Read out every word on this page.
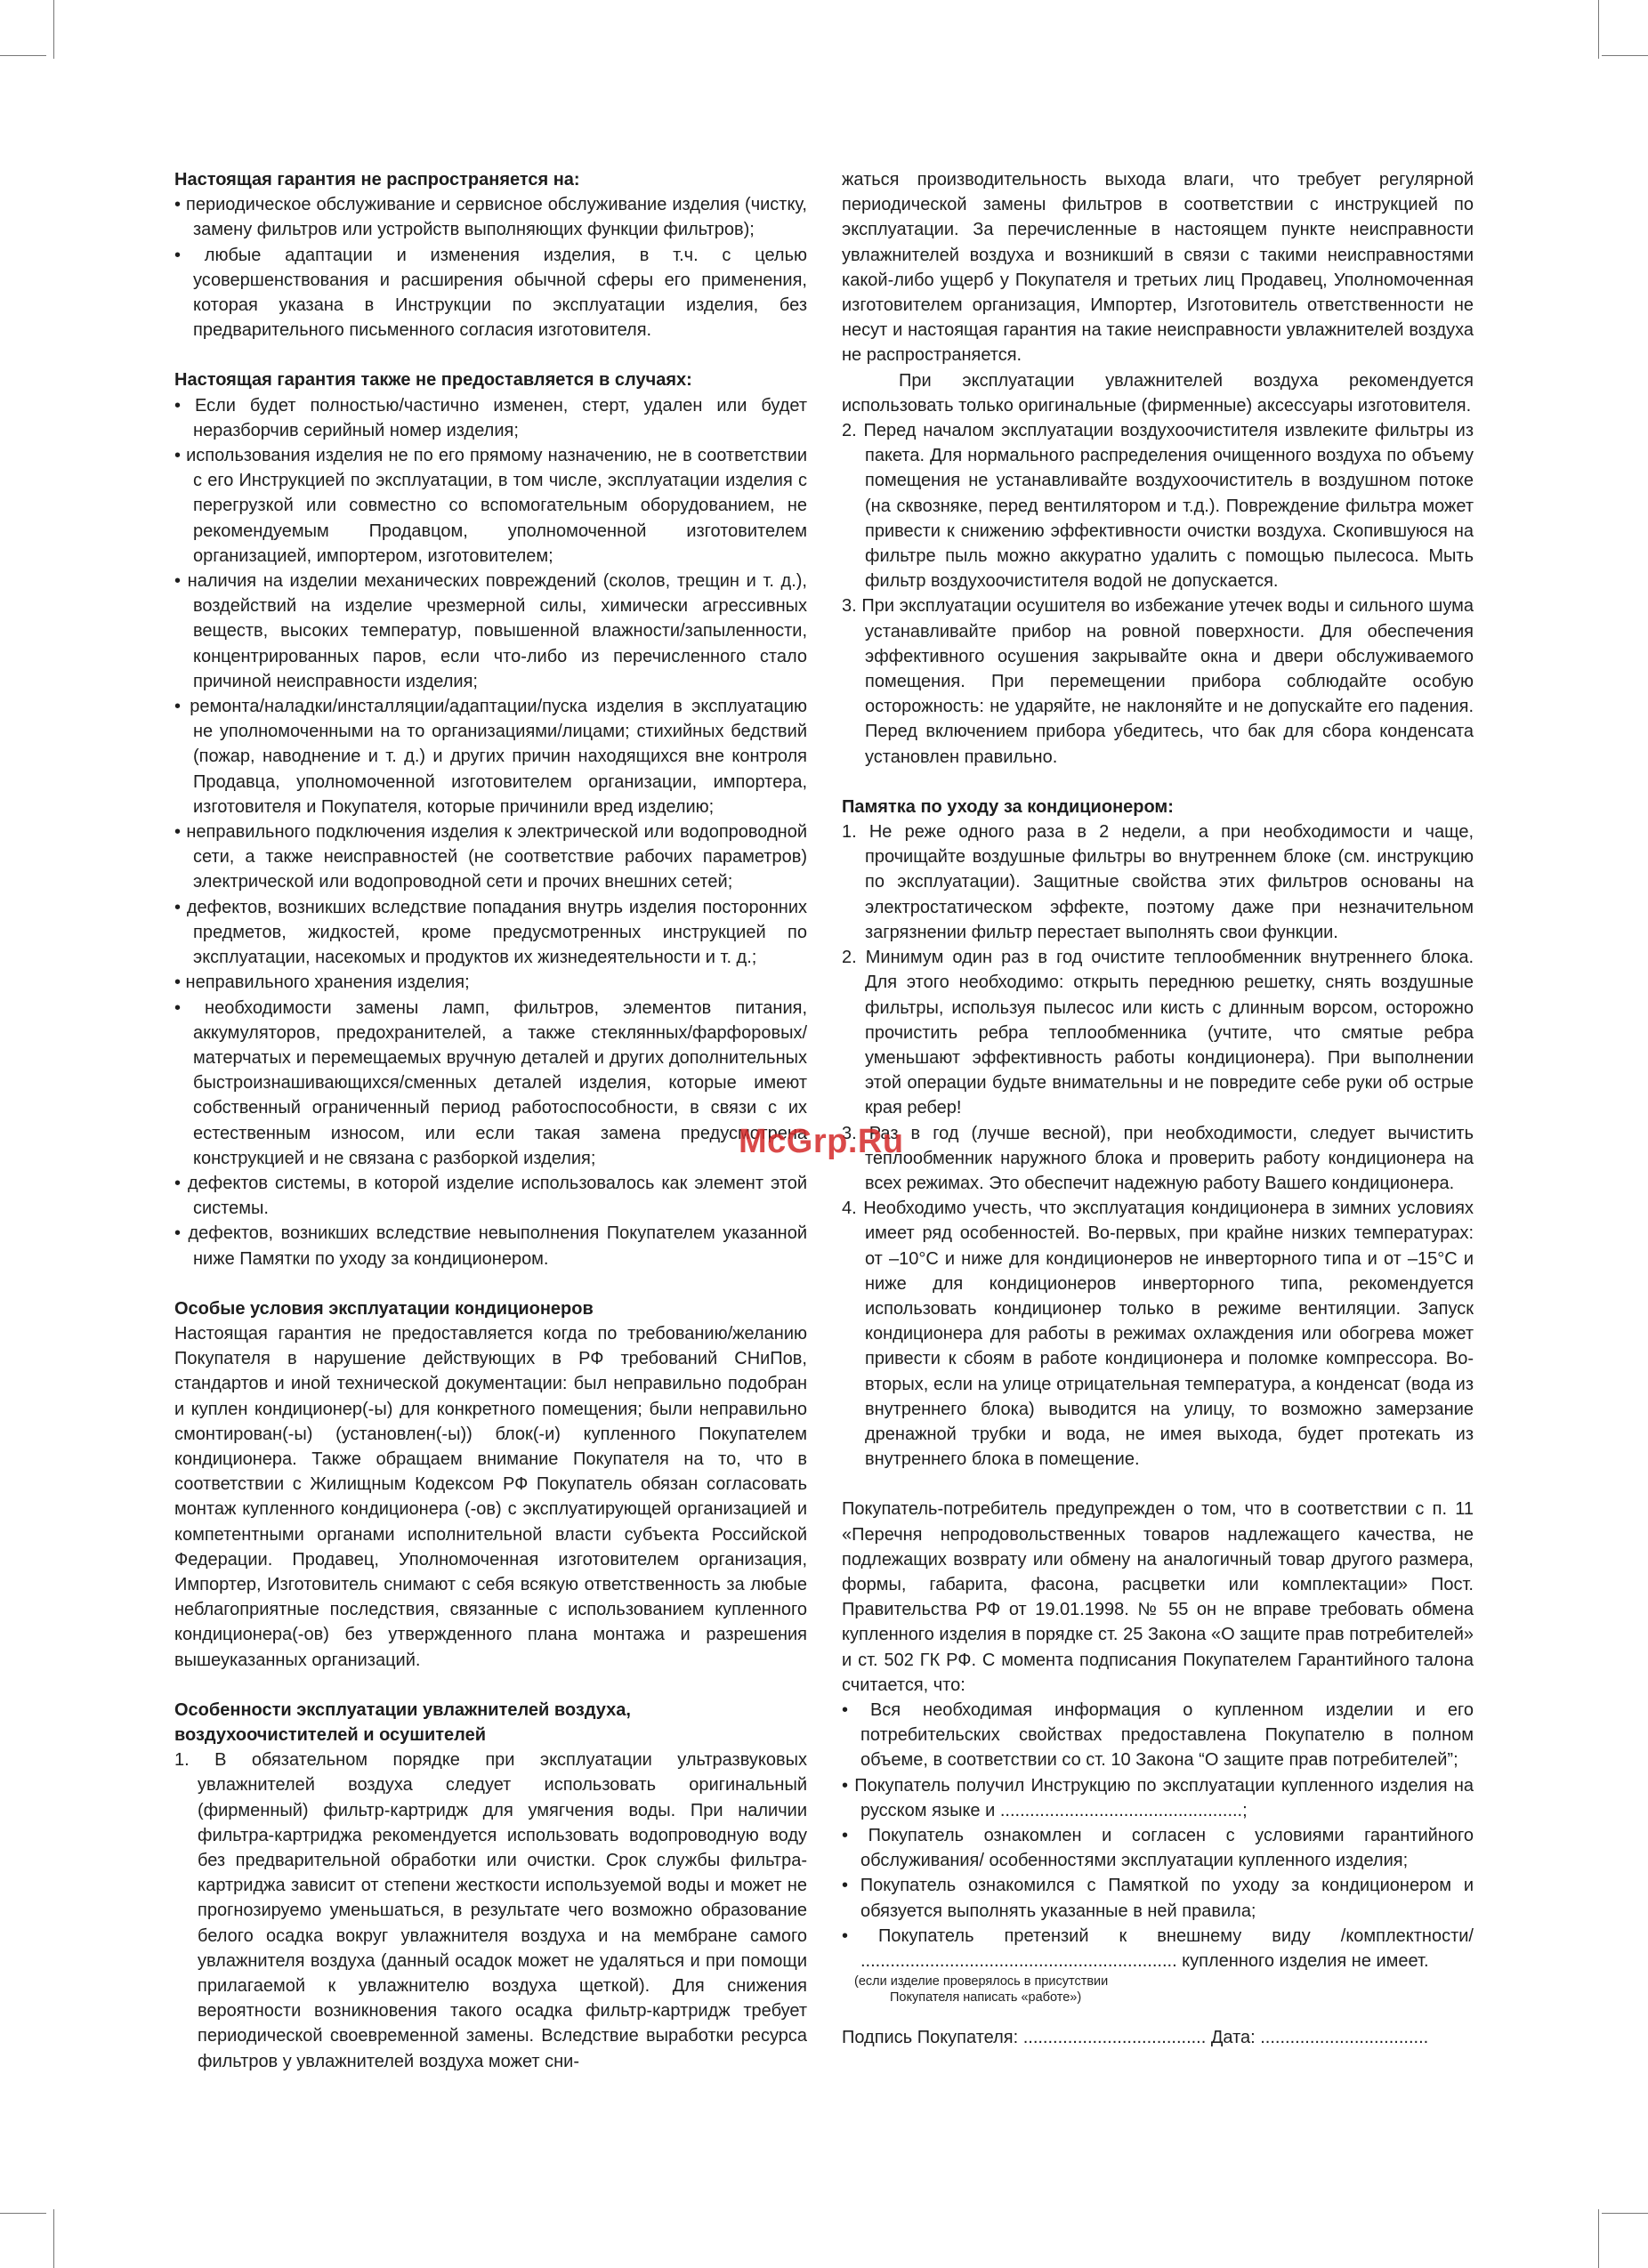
Настоящая гарантия не распространяется на:

• периодическое обслуживание и сервисное обслуживание изделия (чистку, замену фильтров или устройств выполняющих функции фильтров);

• любые адаптации и изменения изделия, в т.ч. с целью усовершенствования и расширения обычной сферы его применения, которая указана в Инструкции по эксплуатации изделия, без предварительного письменного согласия изготовителя.

Настоящая гарантия также не предоставляется в случаях:

• Если будет полностью/частично изменен, стерт, удален или будет неразборчив серийный номер изделия;

• использования изделия не по его прямому назначению, не в соответствии с его Инструкцией по эксплуатации, в том числе, эксплуатации изделия с перегрузкой или совместно со вспомогательным оборудованием, не рекомендуемым Продавцом, уполномоченной изготовителем организацией, импортером, изготовителем;

• наличия на изделии механических повреждений (сколов, трещин и т. д.), воздействий на изделие чрезмерной силы, химически агрессивных веществ, высоких температур, повышенной влажности/запыленности, концентрированных паров, если что-либо из перечисленного стало причиной неисправности изделия;

• ремонта/наладки/инсталляции/адаптации/пуска изделия в эксплуатацию не уполномоченными на то организациями/лицами; стихийных бедствий (пожар, наводнение и т. д.) и других причин находящихся вне контроля Продавца, уполномоченной изготовителем организации, импортера, изготовителя и Покупателя, которые причинили вред изделию;

• неправильного подключения изделия к электрической или водопроводной сети, а также неисправностей (не соответствие рабочих параметров) электрической или водопроводной сети и прочих внешних сетей;

• дефектов, возникших вследствие попадания внутрь изделия посторонних предметов, жидкостей, кроме предусмотренных инструкцией по эксплуатации, насекомых и продуктов их жизнедеятельности и т. д.;

• неправильного хранения изделия;

• необходимости замены ламп, фильтров, элементов питания, аккумуляторов, предохранителей, а также стеклянных/фарфоровых/матерчатых и перемещаемых вручную деталей и других дополнительных быстроизнашивающихся/сменных деталей изделия, которые имеют собственный ограниченный период работоспособности, в связи с их естественным износом, или если такая замена предусмотрена конструкцией и не связана с разборкой изделия;

• дефектов системы, в которой изделие использовалось как элемент этой системы.

• дефектов, возникших вследствие невыполнения Покупателем указанной ниже Памятки по уходу за кондиционером.

Особые условия эксплуатации кондиционеров

Настоящая гарантия не предоставляется когда по требованию/желанию Покупателя в нарушение действующих в РФ требований СНиПов, стандартов и иной технической документации: был неправильно подобран и куплен кондиционер(-ы) для конкретного помещения; были неправильно смонтирован(-ы) (установлен(-ы)) блок(-и) купленного Покупателем кондиционера. Также обращаем внимание Покупателя на то, что в соответствии с Жилищным Кодексом РФ Покупатель обязан согласовать монтаж купленного кондиционера (-ов) с эксплуатирующей организацией и компетентными органами исполнительной власти субъекта Российской Федерации. Продавец, Уполномоченная изготовителем организация, Импортер, Изготовитель снимают с себя всякую ответственность за любые неблагоприятные последствия, связанные с использованием купленного кондиционера(-ов) без утвержденного плана монтажа и разрешения вышеуказанных организаций.

Особенности эксплуатации увлажнителей воздуха, воздухоочистителей и осушителей

1. В обязательном порядке при эксплуатации ультразвуковых увлажнителей воздуха следует использовать оригинальный (фирменный) фильтр-картридж для умягчения воды. При наличии фильтра-картриджа рекомендуется использовать водопроводную воду без предварительной обработки или очистки. Срок службы фильтра-картриджа зависит от степени жесткости используемой воды и может не прогнозируемо уменьшаться, в результате чего возможно образование белого осадка вокруг увлажнителя воздуха и на мембране самого увлажнителя воздуха (данный осадок может не удаляться и при помощи прилагаемой к увлажнителю воздуха щеткой). Для снижения вероятности возникновения такого осадка фильтр-картридж требует периодической своевременной замены. Вследствие выработки ресурса фильтров у увлажнителей воздуха может сни-

жаться производительность выхода влаги, что требует регулярной периодической замены фильтров в соответствии с инструкцией по эксплуатации. За перечисленные в настоящем пункте неисправности увлажнителей воздуха и возникший в связи с такими неисправностями какой-либо ущерб у Покупателя и третьих лиц Продавец, Уполномоченная изготовителем организация, Импортер, Изготовитель ответственности не несут и настоящая гарантия на такие неисправности увлажнителей воздуха не распространяется.

При эксплуатации увлажнителей воздуха рекомендуется использовать только оригинальные (фирменные) аксессуары изготовителя.

2. Перед началом эксплуатации воздухоочистителя извлеките фильтры из пакета. Для нормального распределения очищенного воздуха по объему помещения не устанавливайте воздухоочиститель в воздушном потоке (на сквозняке, перед вентилятором и т.д.). Повреждение фильтра может привести к снижению эффективности очистки воздуха. Скопившуюся на фильтре пыль можно аккуратно удалить с помощью пылесоса. Мыть фильтр воздухоочистителя водой не допускается.

3. При эксплуатации осушителя во избежание утечек воды и сильного шума устанавливайте прибор на ровной поверхности. Для обеспечения эффективного осушения закрывайте окна и двери обслуживаемого помещения. При перемещении прибора соблюдайте особую осторожность: не ударяйте, не наклоняйте и не допускайте его падения. Перед включением прибора убедитесь, что бак для сбора конденсата установлен правильно.

Памятка по уходу за кондиционером:

1. Не реже одного раза в 2 недели, а при необходимости и чаще, прочищайте воздушные фильтры во внутреннем блоке (см. инструкцию по эксплуатации). Защитные свойства этих фильтров основаны на электростатическом эффекте, поэтому даже при незначительном загрязнении фильтр перестает выполнять свои функции.

2. Минимум один раз в год очистите теплообменник внутреннего блока. Для этого необходимо: открыть переднюю решетку, снять воздушные фильтры, используя пылесос или кисть с длинным ворсом, осторожно прочистить ребра теплообменника (учтите, что смятые ребра уменьшают эффективность работы кондиционера). При выполнении этой операции будьте внимательны и не повредите себе руки об острые края ребер!

3. Раз в год (лучше весной), при необходимости, следует вычистить теплообменник наружного блока и проверить работу кондиционера на всех режимах. Это обеспечит надежную работу Вашего кондиционера.

4. Необходимо учесть, что эксплуатация кондиционера в зимних условиях имеет ряд особенностей. Во-первых, при крайне низких температурах: от –10°С и ниже для кондиционеров не инверторного типа и от –15°С и ниже для кондиционеров инверторного типа, рекомендуется использовать кондиционер только в режиме вентиляции. Запуск кондиционера для работы в режимах охлаждения или обогрева может привести к сбоям в работе кондиционера и поломке компрессора. Во-вторых, если на улице отрицательная температура, а конденсат (вода из внутреннего блока) выводится на улицу, то возможно замерзание дренажной трубки и вода, не имея выхода, будет протекать из внутреннего блока в помещение.

Покупатель-потребитель предупрежден о том, что в соответствии с п. 11 «Перечня непродовольственных товаров надлежащего качества, не подлежащих возврату или обмену на аналогичный товар другого размера, формы, габарита, фасона, расцветки или комплектации» Пост. Правительства РФ от 19.01.1998. № 55 он не вправе требовать обмена купленного изделия в порядке ст. 25 Закона «О защите прав потребителей» и ст. 502 ГК РФ. С момента подписания Покупателем Гарантийного талона считается, что:

• Вся необходимая информация о купленном изделии и его потребительских свойствах предоставлена Покупателю в полном объеме, в соответствии со ст. 10 Закона “О защите прав потребителей”;

• Покупатель получил Инструкцию по эксплуатации купленного изделия на русском языке и .................................................;

• Покупатель ознакомлен и согласен с условиями гарантийного обслуживания/ особенностями эксплуатации купленного изделия;

• Покупатель ознакомился с Памяткой по уходу за кондиционером и обязуется выполнять указанные в ней правила;

• Покупатель претензий к внешнему виду /комплектности/ ................................................................ купленного изделия не имеет.

(если изделие проверялось в присутствии
Покупателя написать «работе»)

Подпись Покупателя: ..................................... Дата: ..................................

McGrp.Ru
